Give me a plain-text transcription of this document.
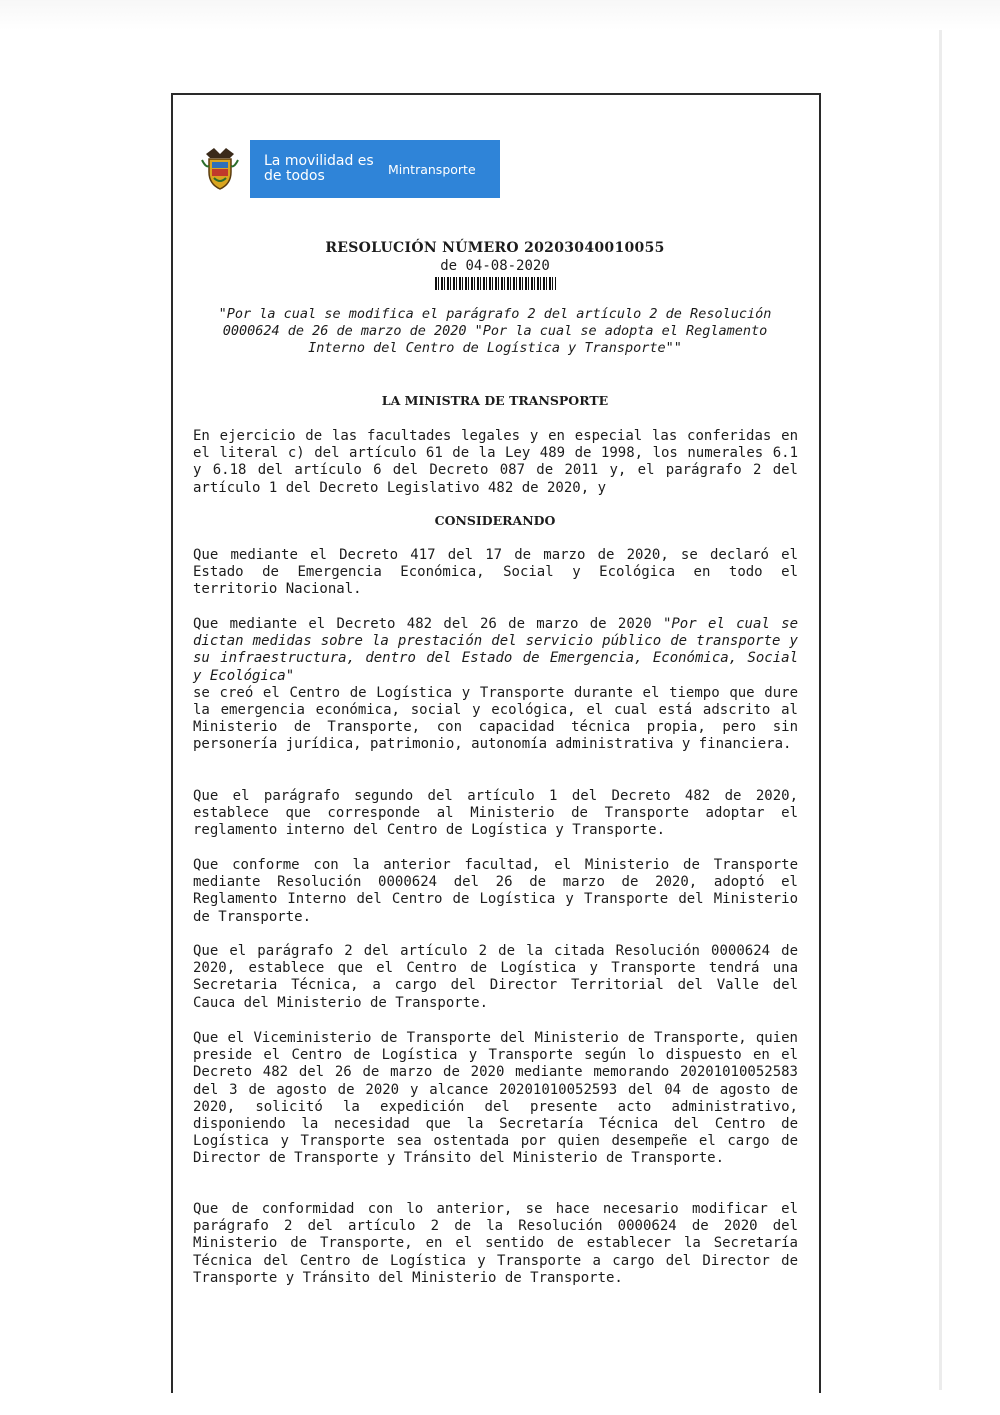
La movilidad es de todos	Mintransporte
RESOLUCIÓN NÚMERO 20203040010055
de 04-08-2020
"Por la cual se modifica el parágrafo 2 del artículo 2 de Resolución 0000624 de 26 de marzo de 2020 "Por la cual se adopta el Reglamento Interno del Centro de Logística y Transporte""
LA MINISTRA DE TRANSPORTE
En ejercicio de las facultades legales y en especial las conferidas en el literal c) del artículo 61 de la Ley 489 de 1998, los numerales 6.1 y 6.18 del artículo 6 del Decreto 087 de 2011 y, el parágrafo 2 del artículo 1 del Decreto Legislativo 482 de 2020, y
CONSIDERANDO
Que mediante el Decreto 417 del 17 de marzo de 2020, se declaró el Estado de Emergencia Económica, Social y Ecológica en todo el territorio Nacional.
Que mediante el Decreto 482 del 26 de marzo de 2020 "Por el cual se dictan medidas sobre la prestación del servicio público de transporte y su infraestructura, dentro del Estado de Emergencia, Económica, Social y Ecológica"
se creó el Centro de Logística y Transporte durante el tiempo que dure la emergencia económica, social y ecológica, el cual está adscrito al Ministerio de Transporte, con capacidad técnica propia, pero sin personería jurídica, patrimonio, autonomía administrativa y financiera.
Que el parágrafo segundo del artículo 1 del Decreto 482 de 2020, establece que corresponde al Ministerio de Transporte adoptar el reglamento interno del Centro de Logística y Transporte.
Que conforme con la anterior facultad, el Ministerio de Transporte mediante Resolución 0000624 del 26 de marzo de 2020, adoptó el Reglamento Interno del Centro de Logística y Transporte del Ministerio de Transporte.
Que el parágrafo 2 del artículo 2 de la citada Resolución 0000624 de 2020, establece que el Centro de Logística y Transporte tendrá una Secretaria Técnica, a cargo del Director Territorial del Valle del Cauca del Ministerio de Transporte.
Que el Viceministerio de Transporte del Ministerio de Transporte, quien preside el Centro de Logística y Transporte según lo dispuesto en el Decreto 482 del 26 de marzo de 2020 mediante memorando 20201010052583 del 3 de agosto de 2020 y alcance 20201010052593 del 04 de agosto de 2020, solicitó la expedición del presente acto administrativo, disponiendo la necesidad que la Secretaría Técnica del Centro de Logística y Transporte sea ostentada por quien desempeñe el cargo de Director de Transporte y Tránsito del Ministerio de Transporte.
Que de conformidad con lo anterior, se hace necesario modificar el parágrafo 2 del artículo 2 de la Resolución 0000624 de 2020 del Ministerio de Transporte, en el sentido de establecer la Secretaría Técnica del Centro de Logística y Transporte a cargo del Director de Transporte y Tránsito del Ministerio de Transporte.
